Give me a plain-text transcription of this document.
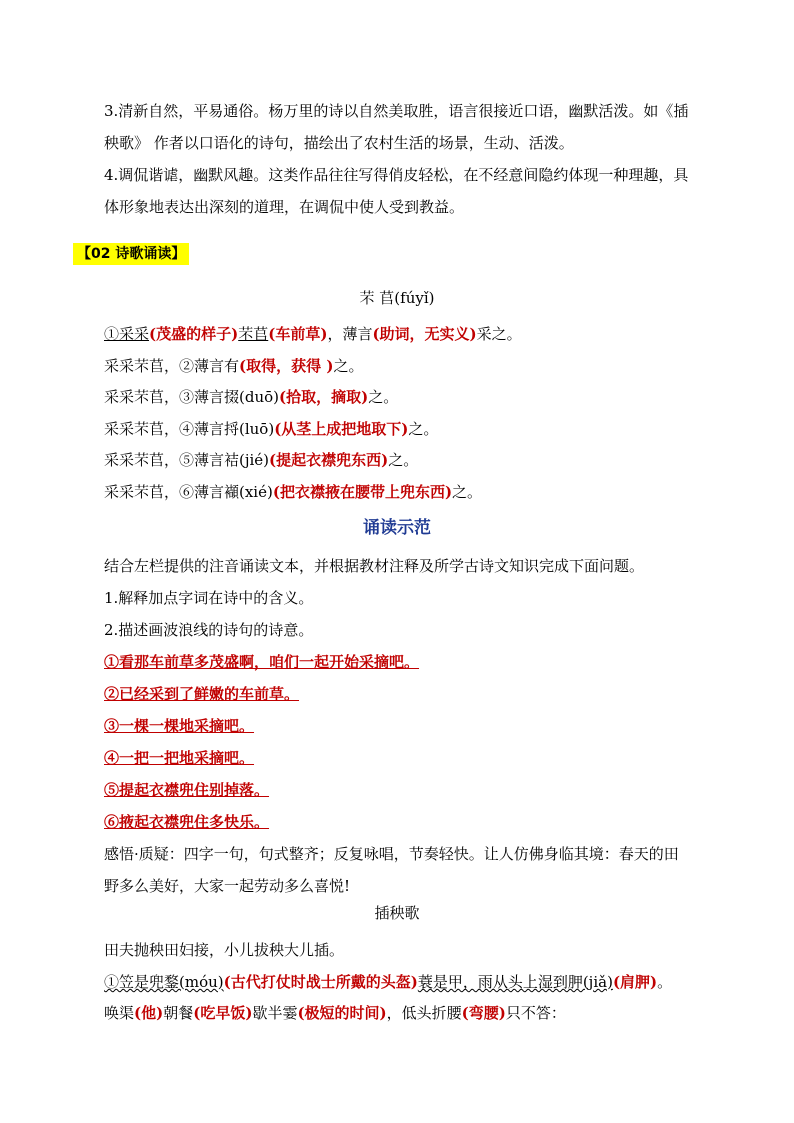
3.清新自然，平易通俗。杨万里的诗以自然美取胜，语言很接近口语，幽默活泼。如《插
秧歌》 作者以口语化的诗句，描绘出了农村生活的场景，生动、活泼。
4.调侃谐谑，幽默风趣。这类作品往往写得俏皮轻松，在不经意间隐约体现一种理趣，具
体形象地表达出深刻的道理，在调侃中使人受到教益。
【02 诗歌诵读】
芣 苢(fúyǐ)
①采采(茂盛的样子)芣苢(车前草)，薄言(助词，无实义)采之。
采采芣苢，②薄言有(取得，获得 )之。
采采芣苢，③薄言掇(duō)(拾取，摘取)之。
采采芣苢，④薄言捋(luō)(从茎上成把地取下)之。
采采芣苢，⑤薄言袺(jié)(提起衣襟兜东西)之。
采采芣苢，⑥薄言襭(xié)(把衣襟掖在腰带上兜东西)之。
诵读示范
结合左栏提供的注音诵读文本，并根据教材注释及所学古诗文知识完成下面问题。
1.解释加点字词在诗中的含义。
2.描述画波浪线的诗句的诗意。
①看那车前草多茂盛啊，咱们一起开始采摘吧。
②已经采到了鲜嫩的车前草。
③一棵一棵地采摘吧。
④一把一把地采摘吧。
⑤提起衣襟兜住别掉落。
⑥掖起衣襟兜住多快乐。
感悟·质疑：四字一句，句式整齐；反复咏唱，节奏轻快。让人仿佛身临其境：春天的田
野多么美好，大家一起劳动多么喜悦!
插秧歌
田夫抛秧田妇接，小儿拔秧大儿插。
①笠是兜鍪(móu)(古代打仗时战士所戴的头盔)蓑是甲，雨从头上湿到胛(jiǎ)(肩胛)。
唤渠(他)朝餐(吃早饭)歇半霎(极短的时间)，低头折腰(弯腰)只不答：
